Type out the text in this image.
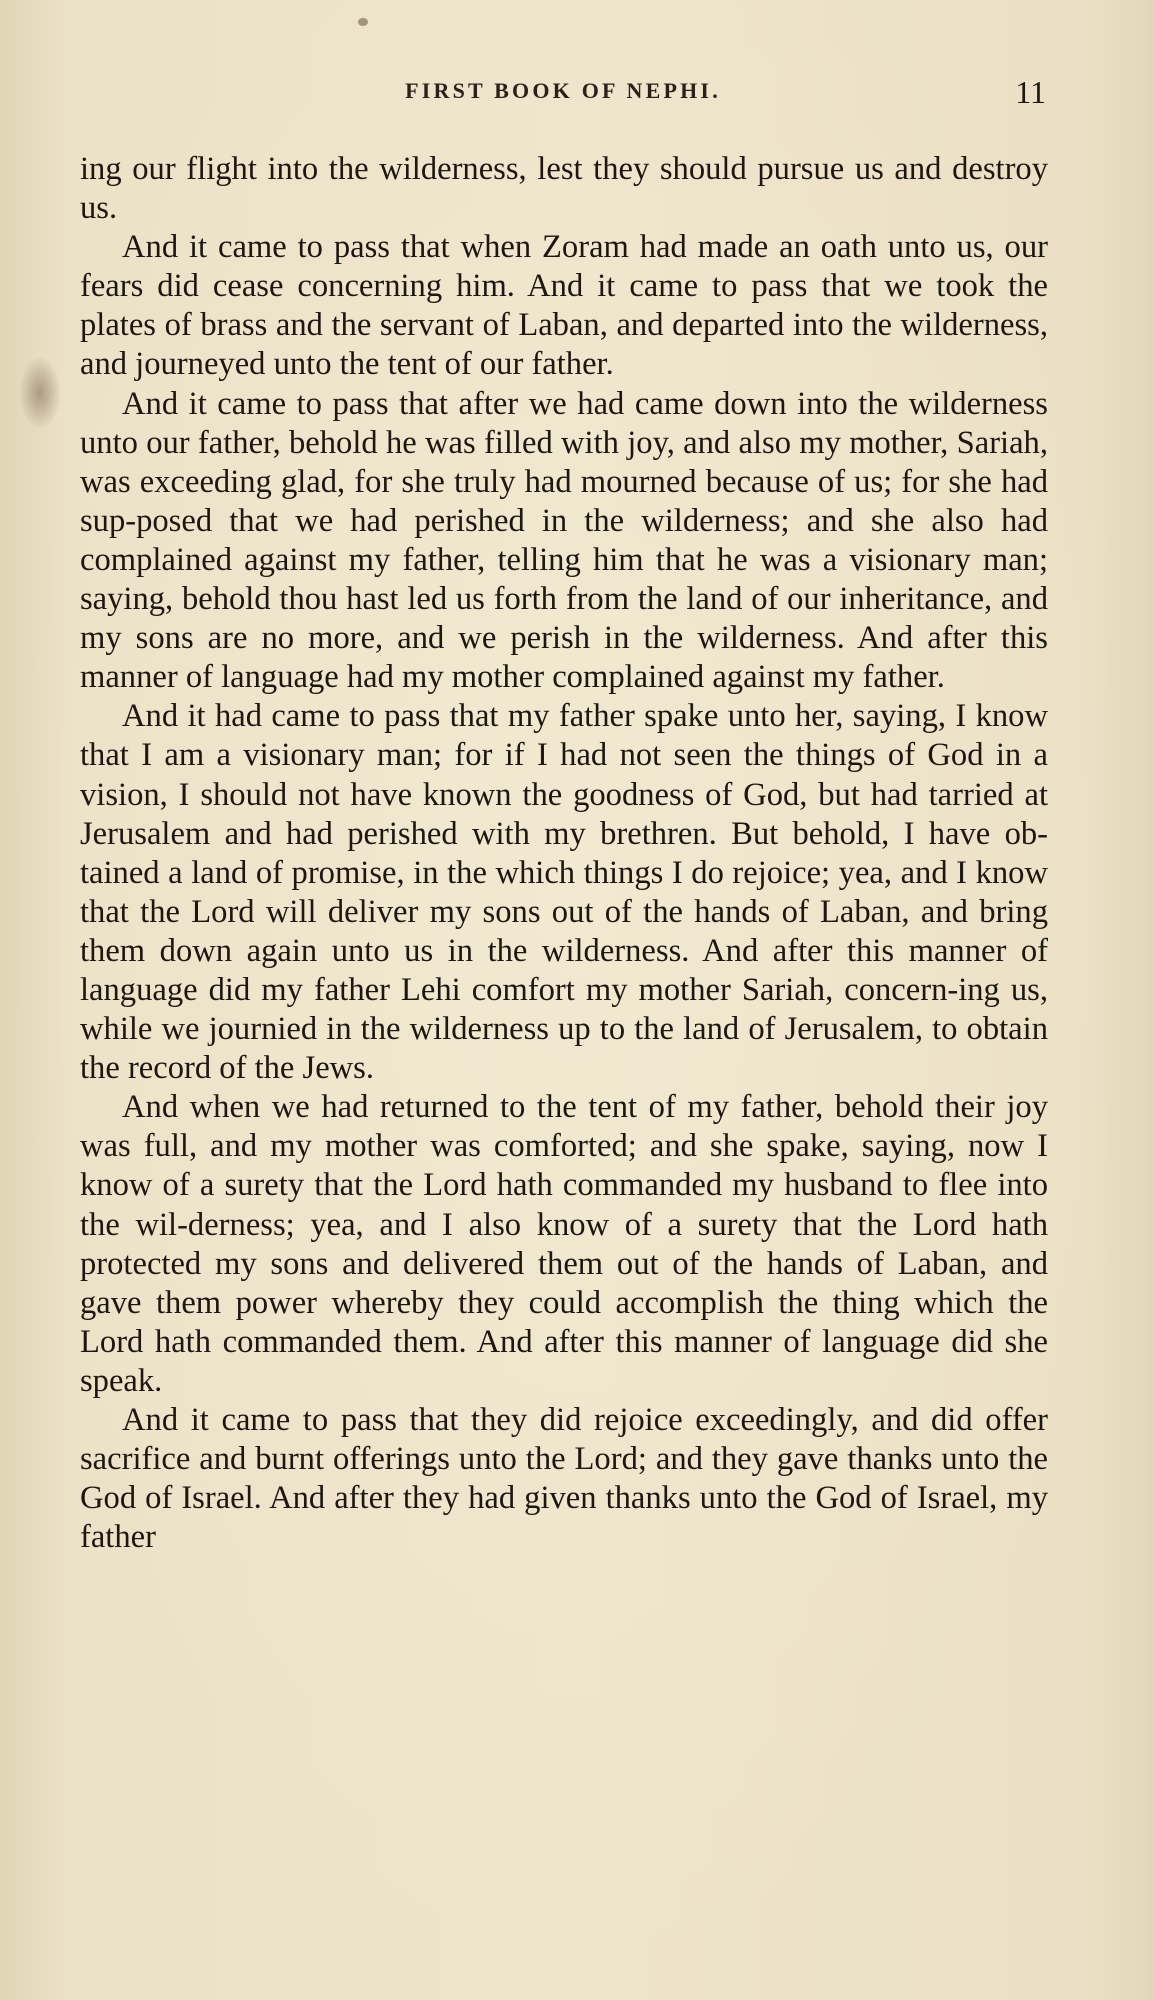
FIRST BOOK OF NEPHI.	11

ing our flight into the wilderness, lest they should pursue us and destroy us.

And it came to pass that when Zoram had made an oath unto us, our fears did cease concerning him. And it came to pass that we took the plates of brass and the servant of Laban, and departed into the wilderness, and journeyed unto the tent of our father.

And it came to pass that after we had came down into the wilderness unto our father, behold he was filled with joy, and also my mother, Sariah, was exceeding glad, for she truly had mourned because of us; for she had sup-posed that we had perished in the wilderness; and she also had complained against my father, telling him that he was a visionary man; saying, behold thou hast led us forth from the land of our inheritance, and my sons are no more, and we perish in the wilderness. And after this manner of language had my mother complained against my father.

And it had came to pass that my father spake unto her, saying, I know that I am a visionary man; for if I had not seen the things of God in a vision, I should not have known the goodness of God, but had tarried at Jerusalem and had perished with my brethren. But behold, I have ob-tained a land of promise, in the which things I do rejoice; yea, and I know that the Lord will deliver my sons out of the hands of Laban, and bring them down again unto us in the wilderness. And after this manner of language did my father Lehi comfort my mother Sariah, concern-ing us, while we journied in the wilderness up to the land of Jerusalem, to obtain the record of the Jews.

And when we had returned to the tent of my father, behold their joy was full, and my mother was comforted; and she spake, saying, now I know of a surety that the Lord hath commanded my husband to flee into the wil-derness; yea, and I also know of a surety that the Lord hath protected my sons and delivered them out of the hands of Laban, and gave them power whereby they could accomplish the thing which the Lord hath commanded them. And after this manner of language did she speak.

And it came to pass that they did rejoice exceedingly, and did offer sacrifice and burnt offerings unto the Lord; and they gave thanks unto the God of Israel. And after they had given thanks unto the God of Israel, my father
